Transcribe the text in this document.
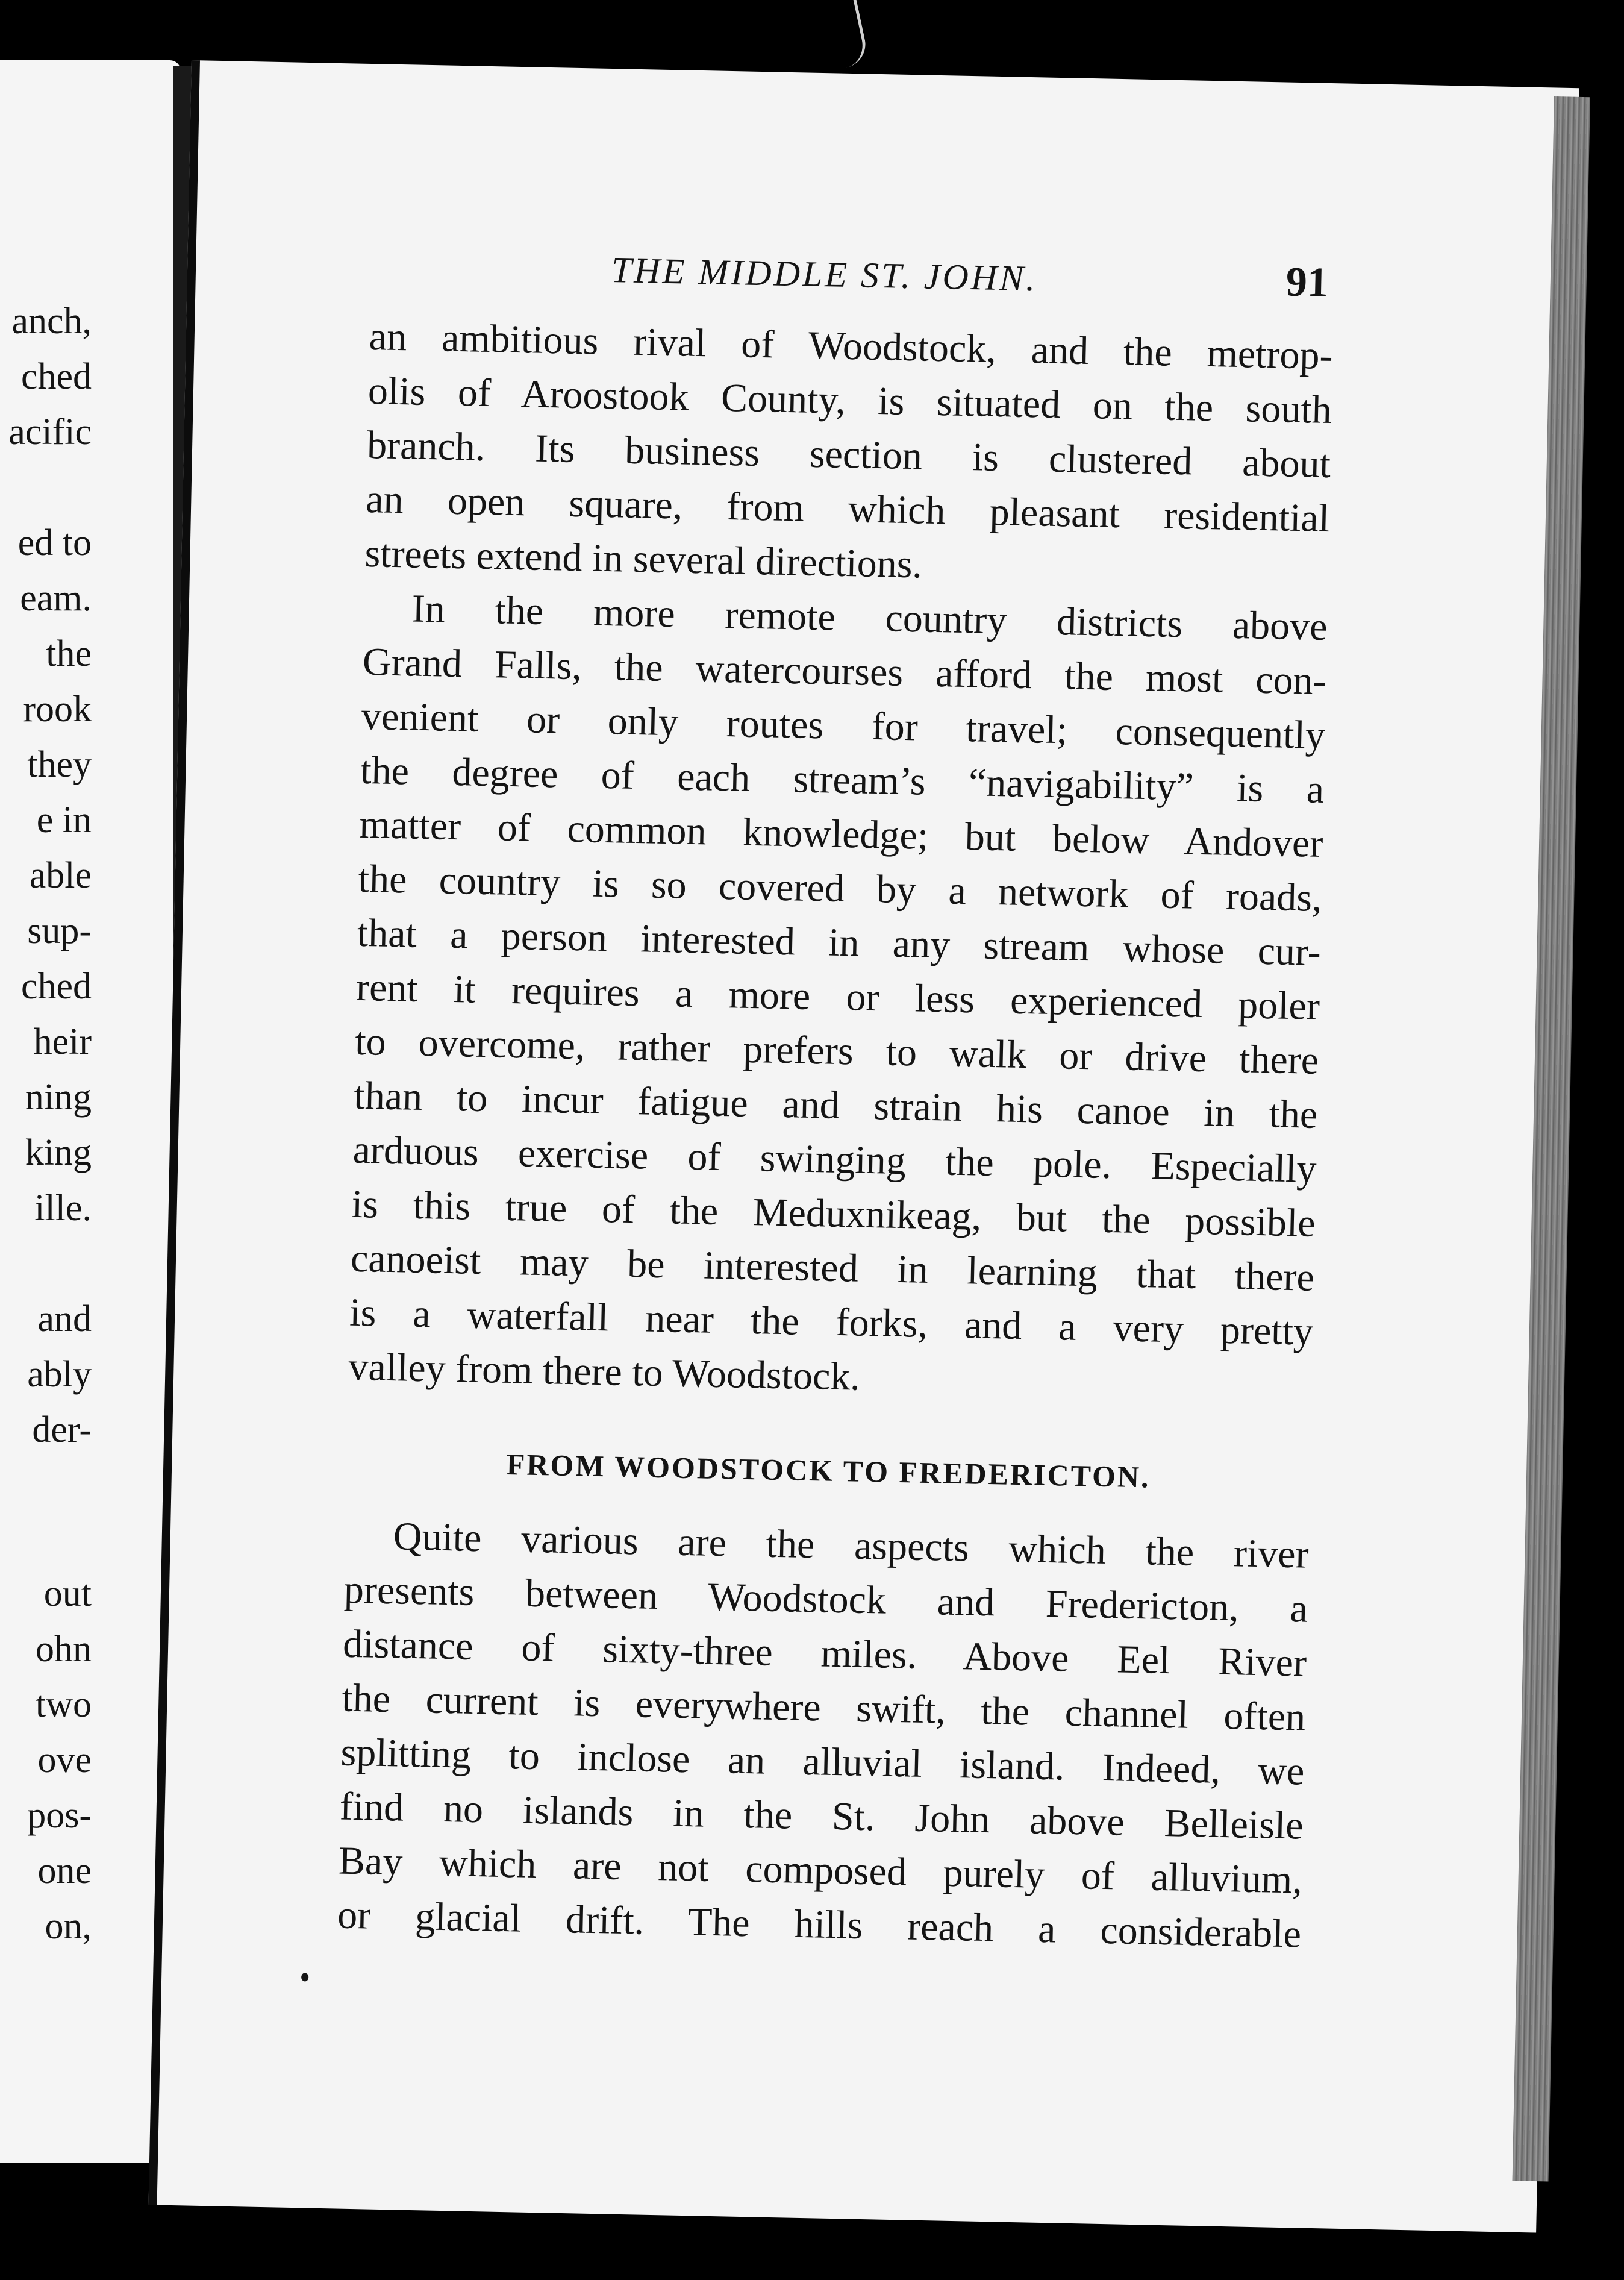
anch,
ched
acific
ed to
eam.
the
rook
they
e in
able
sup-
ched
heir
ning
king
ille.
and
ably
der-
out
ohn
two
ove
pos-
one
on,
THE MIDDLE ST. JOHN.	91
an ambitious rival of Woodstock, and the metrop-
olis of Aroostook County, is situated on the south
branch. Its business section is clustered about
an open square, from which pleasant residential
streets extend in several directions.
In the more remote country districts above
Grand Falls, the watercourses afford the most con-
venient or only routes for travel; consequently
the degree of each stream’s “navigability” is a
matter of common knowledge; but below Andover
the country is so covered by a network of roads,
that a person interested in any stream whose cur-
rent it requires a more or less experienced poler
to overcome, rather prefers to walk or drive there
than to incur fatigue and strain his canoe in the
arduous exercise of swinging the pole. Especially
is this true of the Meduxnikeag, but the possible
canoeist may be interested in learning that there
is a waterfall near the forks, and a very pretty
valley from there to Woodstock.
FROM WOODSTOCK TO FREDERICTON.
Quite various are the aspects which the river
presents between Woodstock and Fredericton, a
distance of sixty-three miles. Above Eel River
the current is everywhere swift, the channel often
splitting to inclose an alluvial island. Indeed, we
find no islands in the St. John above Belleisle
Bay which are not composed purely of alluvium,
or glacial drift. The hills reach a considerable
